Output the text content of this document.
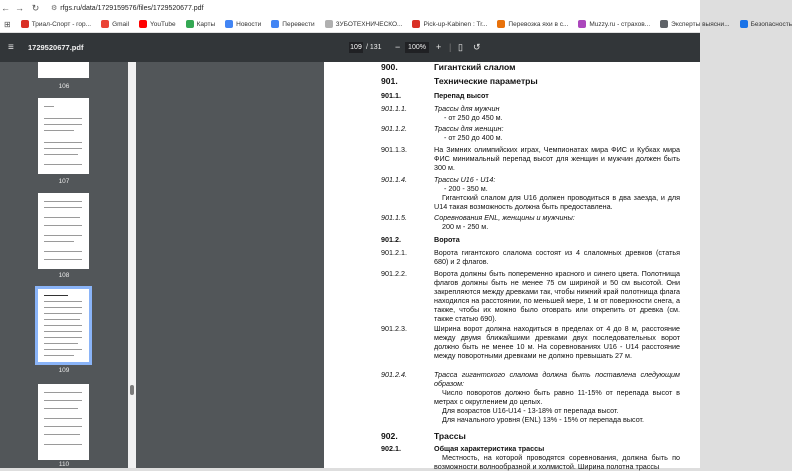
← → ↻ ⚙ rfgs.ru/data/1729159576/files/1729520677.pdf
⊞	Триал-Спорт - гор...	Gmail	YouTube	Карты	Новости	Перевести	ЗУБОТЕХНИЧЕСКО...	Pick-up-Kabinen : Tr...	Перевозка яхи в с...	Muzzy.ru - страхов...	Эксперты выясни...	Безопасность
≡	1729520677.pdf	109 / 131 −	100%	+ | ▯ ↺
106
107
108
109
110
900.	Гигантский слалом
901.	Технические параметры
901.1.	Перепад высот
901.1.1.	Трассы для мужчин
- от 250 до 450 м.
901.1.2.	Трассы для женщин:
- от 250 до 400 м.
901.1.3.	На Зимних олимпийских играх, Чемпионатах мира ФИС и Кубках мира ФИС минимальный перепад высот для женщин и мужчин должен быть 300 м.
901.1.4.	Трассы U16 - U14:
- 200 - 350 м.

Гигантский слалом для U16 должен проводиться в два заезда, и для U14 такая возможность должна быть предоставлена.
901.1.5.	Соревнования ENL, женщины и мужчины:
200 м - 250 м.
901.2.	Ворота
901.2.1.	Ворота гигантского слалома состоят из 4 слаломных древков (статья 680) и 2 флагов.
901.2.2.	Ворота должны быть попеременно красного и синего цвета. Полотнища флагов должны быть не менее 75 см шириной и 50 см высотой. Они закрепляются между древками так, чтобы нижний край полотнища флага находился на расстоянии, по меньшей мере, 1 м от поверхности снега, а также, чтобы их можно было отоврать или открепить от древка (см. также статью 690).
901.2.3.	Ширина ворот должна находиться в пределах от 4 до 8 м, расстояние между двумя ближайшими древками двух последовательных ворот должно быть не менее 10 м. На соревнованиях U16 - U14 расстояние между поворотными древками не должно превышать 27 м.
901.2.4.	Трасса гигантского слалома должна быть поставлена следующим образом:

Число поворотов должно быть равно 11-15% от перепада высот в метрах с округлением до целых.
Для возрастов U16-U14 - 13-18% от перепада высот.
Для начального уровня (ENL) 13% - 15% от перепада высот.
902.	Трассы
902.1.	Общая характеристика трассы

Местность, на которой проводятся соревнования, должна быть по возможности волнообразной и холмистой. Ширина полотна трассы
